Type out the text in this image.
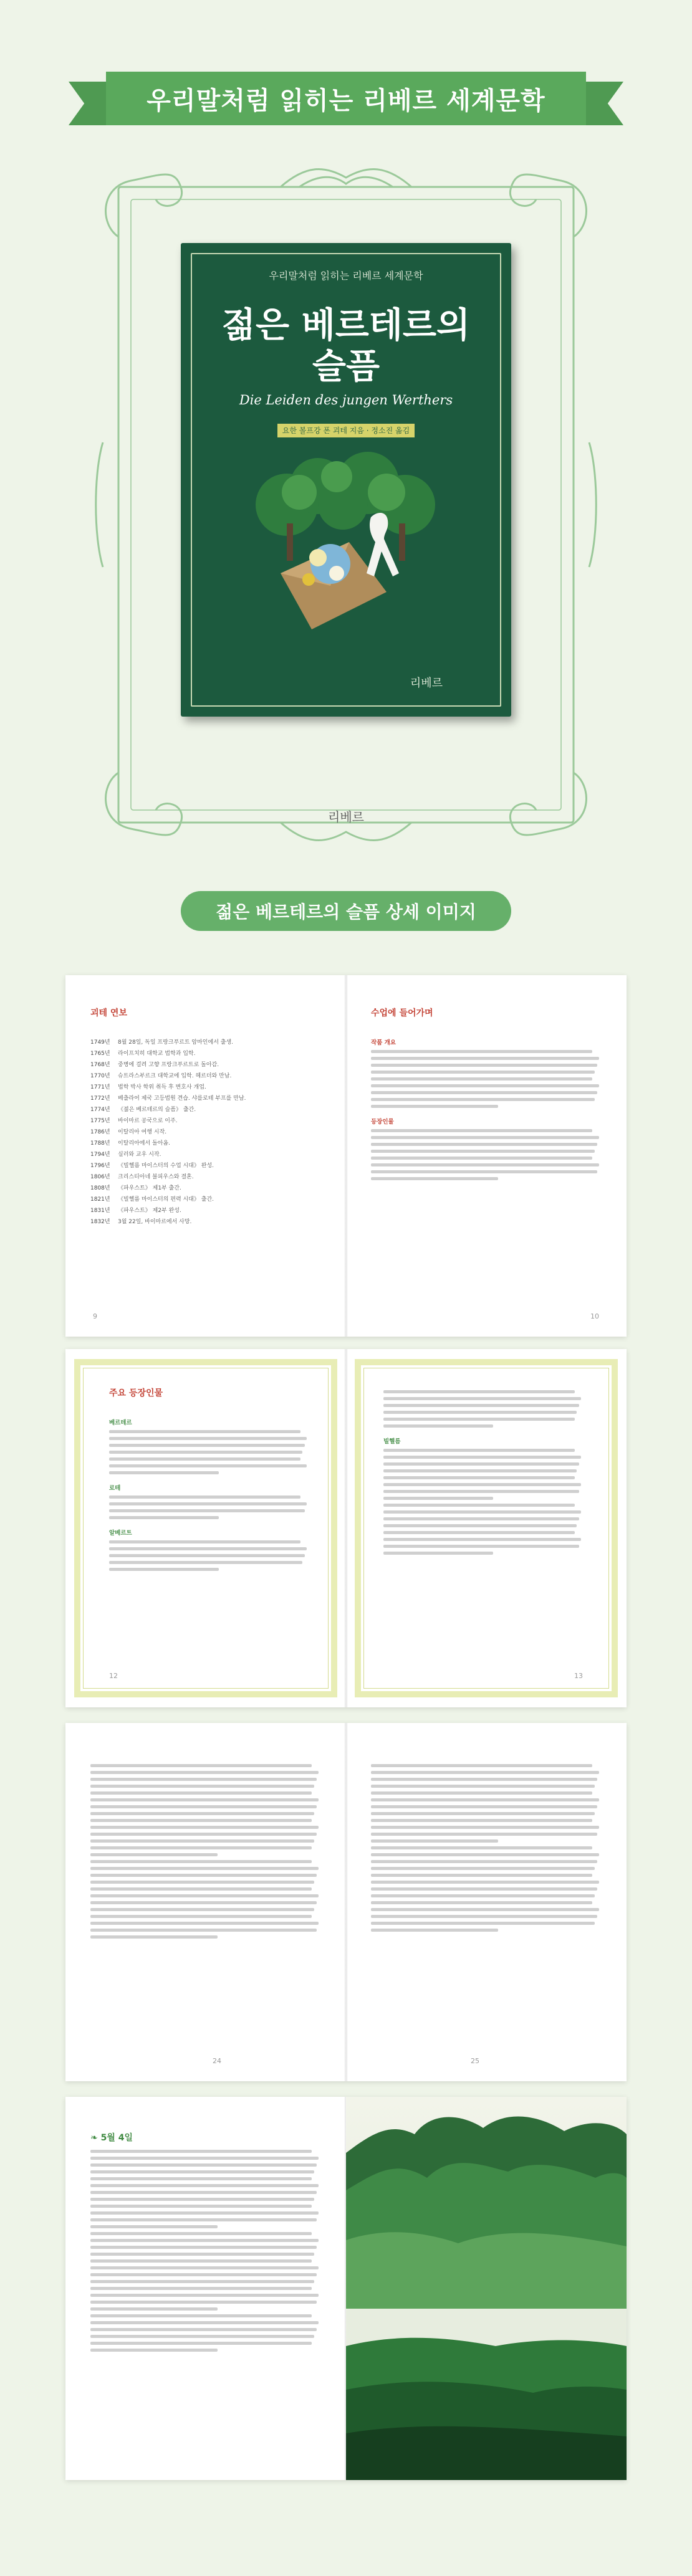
우리말처럼 읽히는 리베르 세계문학
우리말처럼 읽히는 리베르 세계문학
젊은 베르테르의
슬픔
Die Leiden des jungen Werthers
요한 볼프강 폰 괴테 지음 · 정소진 옮김
리베르
리베르
젊은 베르테르의 슬픔 상세 이미지
괴테 연보
1749년	8월 28일, 독일 프랑크푸르트 암마인에서 출생.
1765년	라이프치히 대학교 법학과 입학.
1768년	중병에 걸려 고향 프랑크푸르트로 돌아감.
1770년	슈트라스부르크 대학교에 입학. 헤르더와 만남.
1771년	법학 박사 학위 취득 후 변호사 개업.
1772년	베츨라어 제국 고등법원 견습. 샤를로테 부프를 만남.
1774년	《젊은 베르테르의 슬픔》 출간.
1775년	바이마르 공국으로 이주.
1786년	이탈리아 여행 시작.
1788년	이탈리아에서 돌아옴.
1794년	실러와 교우 시작.
1796년	《빌헬름 마이스터의 수업 시대》 완성.
1806년	크리스티아네 불피우스와 결혼.
1808년	《파우스트》 제1부 출간.
1821년	《빌헬름 마이스터의 편력 시대》 출간.
1831년	《파우스트》 제2부 완성.
1832년	3월 22일, 바이마르에서 사망.
9
수업에 들어가며
작품 개요
등장인물
10
주요 등장인물
베르테르
로테
알베르트
12
빌헬름
13
24	25
❧ 5월 4일
